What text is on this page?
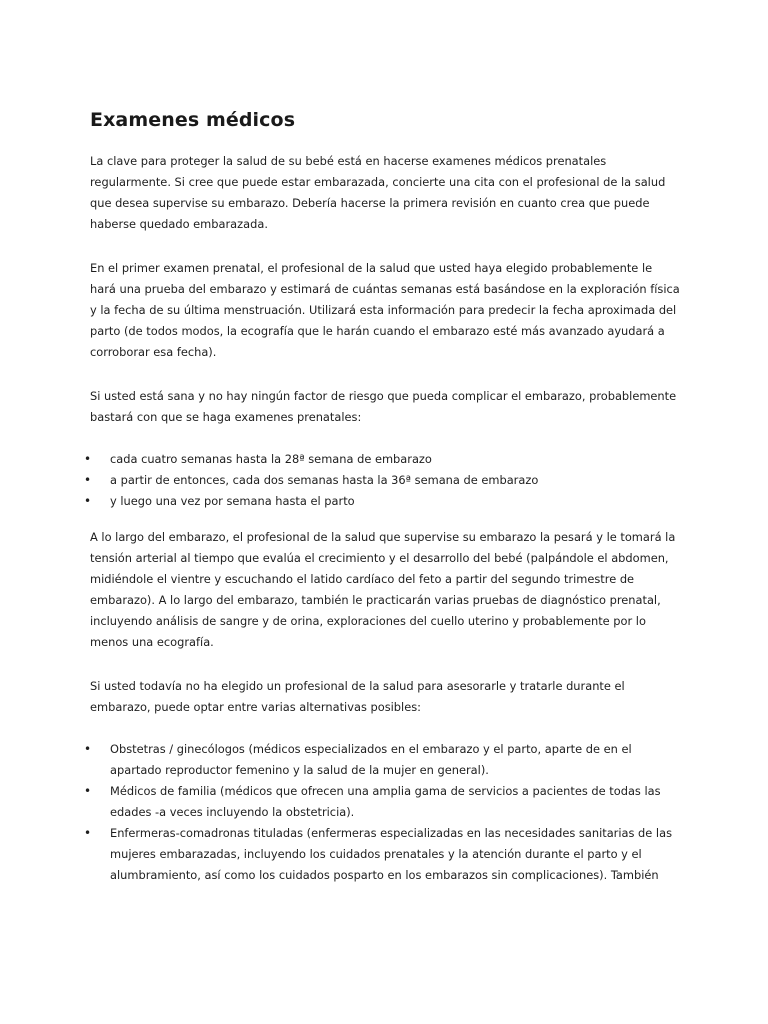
Examenes médicos

La clave para proteger la salud de su bebé está en hacerse examenes médicos prenatales
regularmente. Si cree que puede estar embarazada, concierte una cita con el profesional de la salud
que desea supervise su embarazo. Debería hacerse la primera revisión en cuanto crea que puede
haberse quedado embarazada.

En el primer examen prenatal, el profesional de la salud que usted haya elegido probablemente le
hará una prueba del embarazo y estimará de cuántas semanas está basándose en la exploración física
y la fecha de su última menstruación. Utilizará esta información para predecir la fecha aproximada del
parto (de todos modos, la ecografía que le harán cuando el embarazo esté más avanzado ayudará a
corroborar esa fecha).

Si usted está sana y no hay ningún factor de riesgo que pueda complicar el embarazo, probablemente
bastará con que se haga examenes prenatales:

• cada cuatro semanas hasta la 28ª semana de embarazo
• a partir de entonces, cada dos semanas hasta la 36ª semana de embarazo
• y luego una vez por semana hasta el parto

A lo largo del embarazo, el profesional de la salud que supervise su embarazo la pesará y le tomará la
tensión arterial al tiempo que evalúa el crecimiento y el desarrollo del bebé (palpándole el abdomen,
midiéndole el vientre y escuchando el latido cardíaco del feto a partir del segundo trimestre de
embarazo). A lo largo del embarazo, también le practicarán varias pruebas de diagnóstico prenatal,
incluyendo análisis de sangre y de orina, exploraciones del cuello uterino y probablemente por lo
menos una ecografía.

Si usted todavía no ha elegido un profesional de la salud para asesorarle y tratarle durante el
embarazo, puede optar entre varias alternativas posibles:

• Obstetras / ginecólogos (médicos especializados en el embarazo y el parto, aparte de en el
apartado reproductor femenino y la salud de la mujer en general).
• Médicos de familia (médicos que ofrecen una amplia gama de servicios a pacientes de todas las
edades -a veces incluyendo la obstetricia).
• Enfermeras-comadronas tituladas (enfermeras especializadas en las necesidades sanitarias de las
mujeres embarazadas, incluyendo los cuidados prenatales y la atención durante el parto y el
alumbramiento, así como los cuidados posparto en los embarazos sin complicaciones). También
